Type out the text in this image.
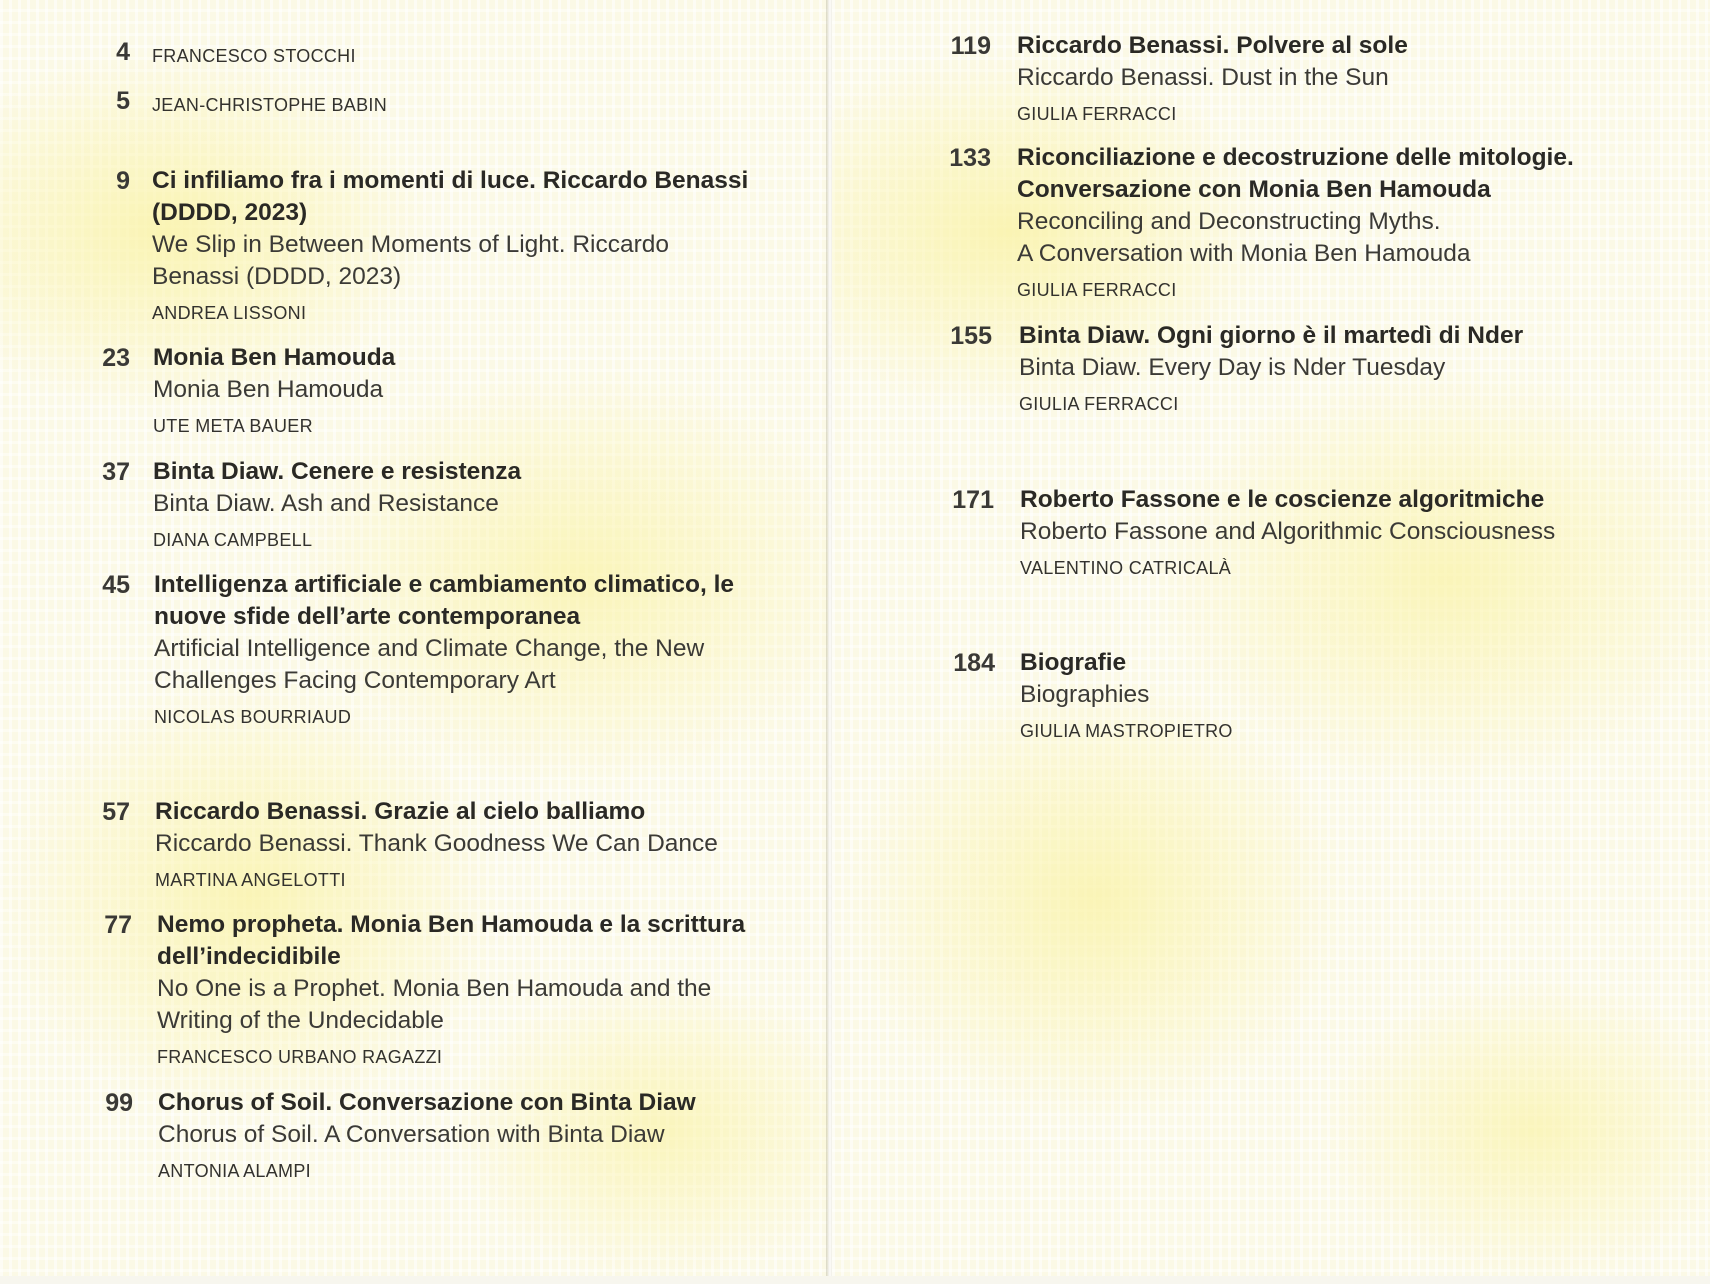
4 FRANCESCO STOCCHI
5 JEAN-CHRISTOPHE BABIN
9 Ci infiliamo fra i momenti di luce. Riccardo Benassi
(DDDD, 2023)
We Slip in Between Moments of Light. Riccardo
Benassi (DDDD, 2023)
ANDREA LISSONI
23 Monia Ben Hamouda
Monia Ben Hamouda
UTE META BAUER
37 Binta Diaw. Cenere e resistenza
Binta Diaw. Ash and Resistance
DIANA CAMPBELL
45 Intelligenza artificiale e cambiamento climatico, le
nuove sfide dell’arte contemporanea
Artificial Intelligence and Climate Change, the New
Challenges Facing Contemporary Art
NICOLAS BOURRIAUD
57 Riccardo Benassi. Grazie al cielo balliamo
Riccardo Benassi. Thank Goodness We Can Dance
MARTINA ANGELOTTI
77 Nemo propheta. Monia Ben Hamouda e la scrittura
dell’indecidibile
No One is a Prophet. Monia Ben Hamouda and the
Writing of the Undecidable
FRANCESCO URBANO RAGAZZI
99 Chorus of Soil. Conversazione con Binta Diaw
Chorus of Soil. A Conversation with Binta Diaw
ANTONIA ALAMPI
119 Riccardo Benassi. Polvere al sole
Riccardo Benassi. Dust in the Sun
GIULIA FERRACCI
133 Riconciliazione e decostruzione delle mitologie.
Conversazione con Monia Ben Hamouda
Reconciling and Deconstructing Myths.
A Conversation with Monia Ben Hamouda
GIULIA FERRACCI
155 Binta Diaw. Ogni giorno è il martedì di Nder
Binta Diaw. Every Day is Nder Tuesday
GIULIA FERRACCI
171 Roberto Fassone e le coscienze algoritmiche
Roberto Fassone and Algorithmic Consciousness
VALENTINO CATRICALÀ
184 Biografie
Biographies
GIULIA MASTROPIETRO
